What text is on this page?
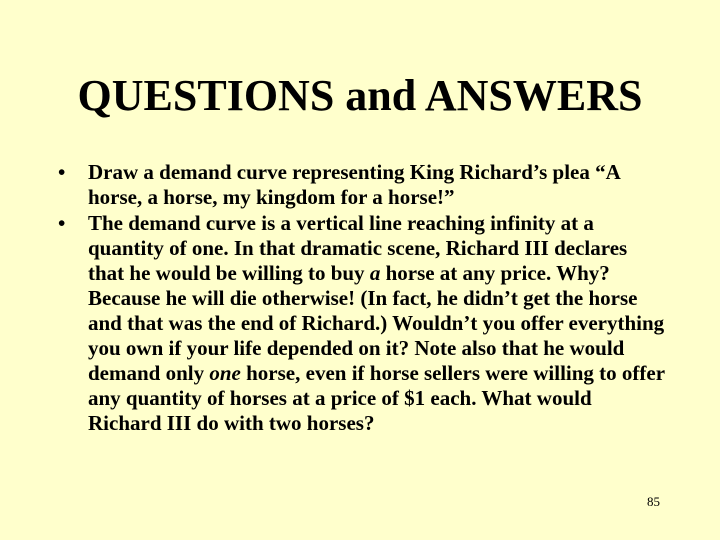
QUESTIONS and ANSWERS
• Draw a demand curve representing King Richard’s plea “A horse, a horse, my kingdom for a horse!”
• The demand curve is a vertical line reaching infinity at a quantity of one. In that dramatic scene, Richard III declares that he would be willing to buy a horse at any price. Why? Because he will die otherwise! (In fact, he didn’t get the horse and that was the end of Richard.) Wouldn’t you offer everything you own if your life depended on it? Note also that he would demand only one horse, even if horse sellers were willing to offer any quantity of horses at a price of $1 each. What would Richard III do with two horses?
85
